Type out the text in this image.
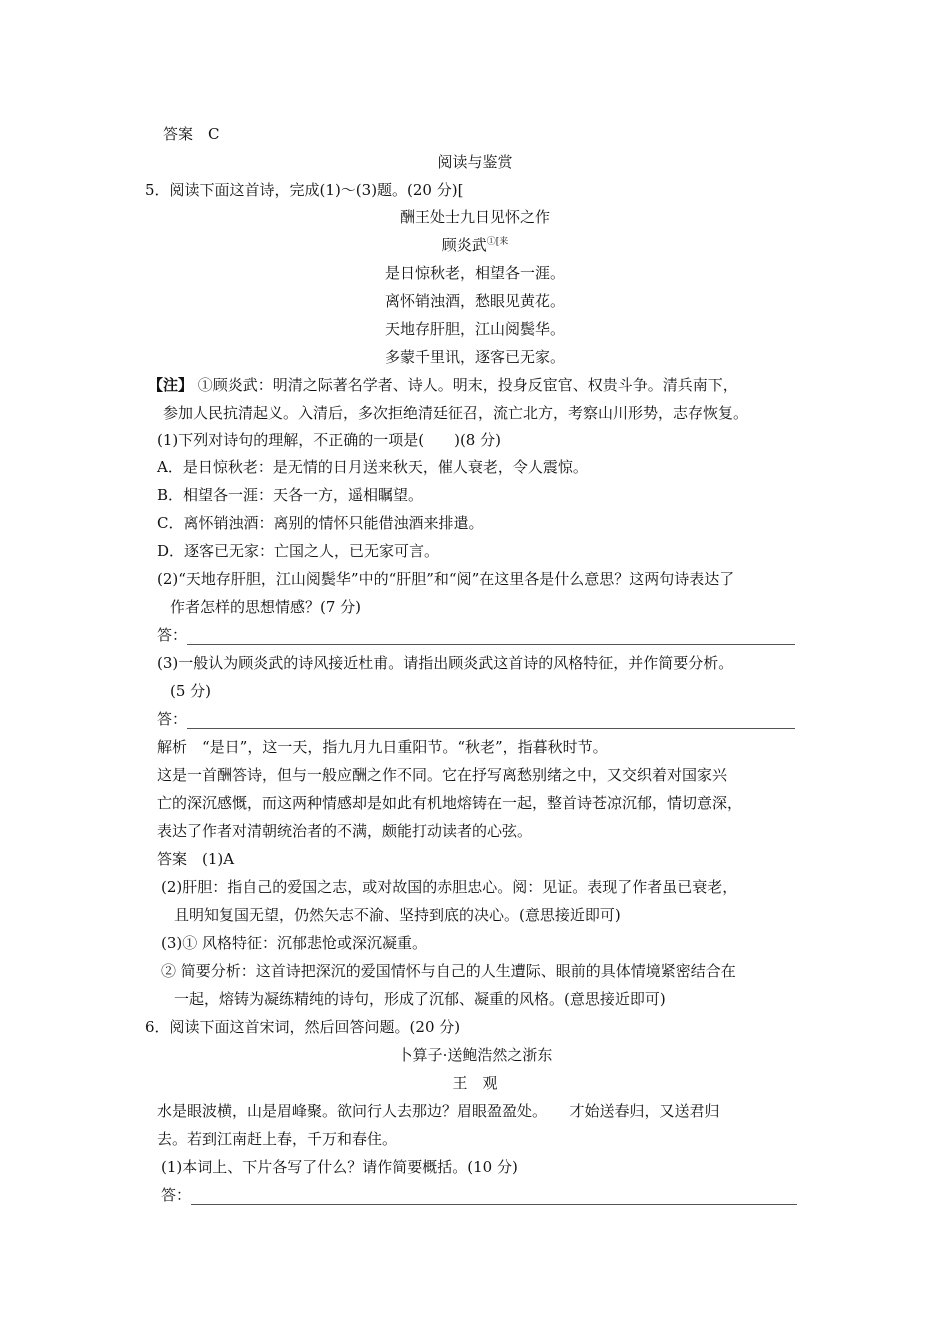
答案　C
阅读与鉴赏
5．阅读下面这首诗，完成(1)～(3)题。(20 分)[
酬王处士九日见怀之作
顾炎武$^{①[来}$
是日惊秋老，相望各一涯。
离怀销浊酒，愁眼见黄花。
天地存肝胆，江山阅鬓华。
多蒙千里讯，逐客已无家。
【注】 ①顾炎武：明清之际著名学者、诗人。明末，投身反宦官、权贵斗争。清兵南下，
参加人民抗清起义。入清后，多次拒绝清廷征召，流亡北方，考察山川形势，志存恢复。
(1)下列对诗句的理解，不正确的一项是(　　)(8 分)
A．是日惊秋老：是无情的日月送来秋天，催人衰老，令人震惊。
B．相望各一涯：天各一方，遥相瞩望。
C．离怀销浊酒：离别的情怀只能借浊酒来排遣。
D．逐客已无家：亡国之人，已无家可言。
(2)“天地存肝胆，江山阅鬓华”中的“肝胆”和“阅”在这里各是什么意思？这两句诗表达了
作者怎样的思想情感？(7 分)
答：
(3)一般认为顾炎武的诗风接近杜甫。请指出顾炎武这首诗的风格特征，并作简要分析。
(5 分)
答：
解析　“是日”，这一天，指九月九日重阳节。“秋老”，指暮秋时节。
这是一首酬答诗，但与一般应酬之作不同。它在抒写离愁别绪之中，又交织着对国家兴
亡的深沉感慨，而这两种情感却是如此有机地熔铸在一起，整首诗苍凉沉郁，情切意深，
表达了作者对清朝统治者的不满，颇能打动读者的心弦。
答案　(1)A
(2)肝胆：指自己的爱国之志，或对故国的赤胆忠心。阅：见证。表现了作者虽已衰老，
且明知复国无望，仍然矢志不渝、坚持到底的决心。(意思接近即可)
(3)① 风格特征：沉郁悲怆或深沉凝重。
② 简要分析：这首诗把深沉的爱国情怀与自己的人生遭际、眼前的具体情境紧密结合在
一起，熔铸为凝练精纯的诗句，形成了沉郁、凝重的风格。(意思接近即可)
6．阅读下面这首宋词，然后回答问题。(20 分)
卜算子·送鲍浩然之浙东
王　观
水是眼波横，山是眉峰聚。欲问行人去那边？眉眼盈盈处。　　才始送春归，又送君归
去。若到江南赶上春，千万和春住。
(1)本词上、下片各写了什么？请作简要概括。(10 分)
答：
